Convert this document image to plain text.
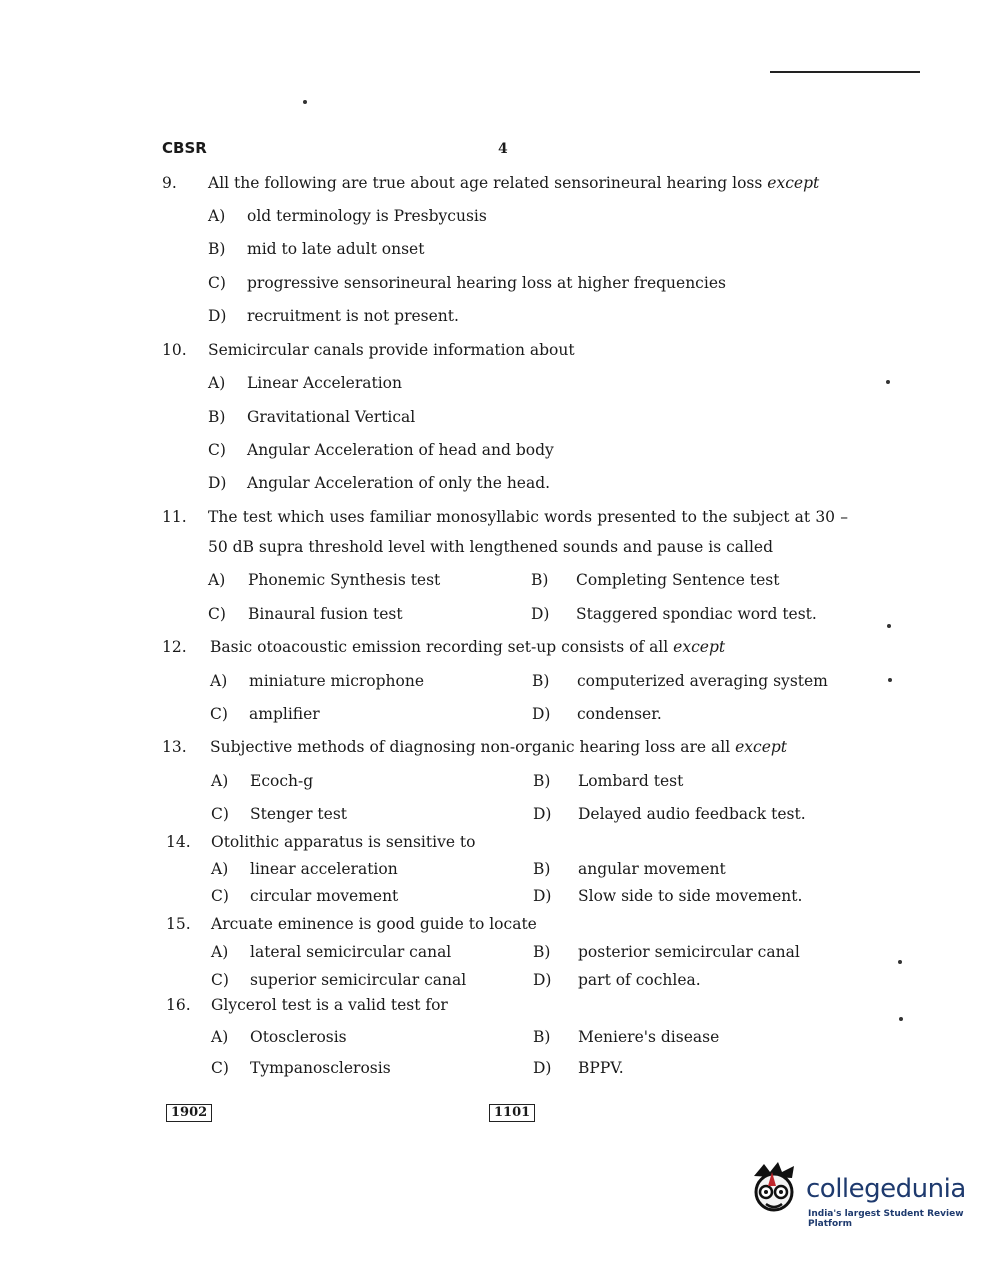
CBSR	4
9.	All the following are true about age related sensorineural hearing loss except
A)	old terminology is Presbycusis
B)	mid to late adult onset
C)	progressive sensorineural hearing loss at higher frequencies
D)	recruitment is not present.
10.	Semicircular canals provide information about
A)	Linear Acceleration
B)	Gravitational Vertical
C)	Angular Acceleration of head and body
D)	Angular Acceleration of only the head.
11.	The test which uses familiar monosyllabic words presented to the subject at 30 – 50 dB supra threshold level with lengthened sounds and pause is called
A)	Phonemic Synthesis test	B)	Completing Sentence test
C)	Binaural fusion test	D)	Staggered spondiac word test.
12.	Basic otoacoustic emission recording set-up consists of all except
A)	miniature microphone	B)	computerized averaging system
C)	amplifier	D)	condenser.
13.	Subjective methods of diagnosing non-organic hearing loss are all except
A)	Ecoch-g	B)	Lombard test
C)	Stenger test	D)	Delayed audio feedback test.
14.	Otolithic apparatus is sensitive to
A)	linear acceleration	B)	angular movement
C)	circular movement	D)	Slow side to side movement.
15.	Arcuate eminence is good guide to locate
A)	lateral semicircular canal	B)	posterior semicircular canal
C)	superior semicircular canal	D)	part of cochlea.
16.	Glycerol test is a valid test for
A)	Otosclerosis	B)	Meniere's disease
C)	Tympanosclerosis	D)	BPPV.
1902	1101
collegedunia
India's largest Student Review Platform
